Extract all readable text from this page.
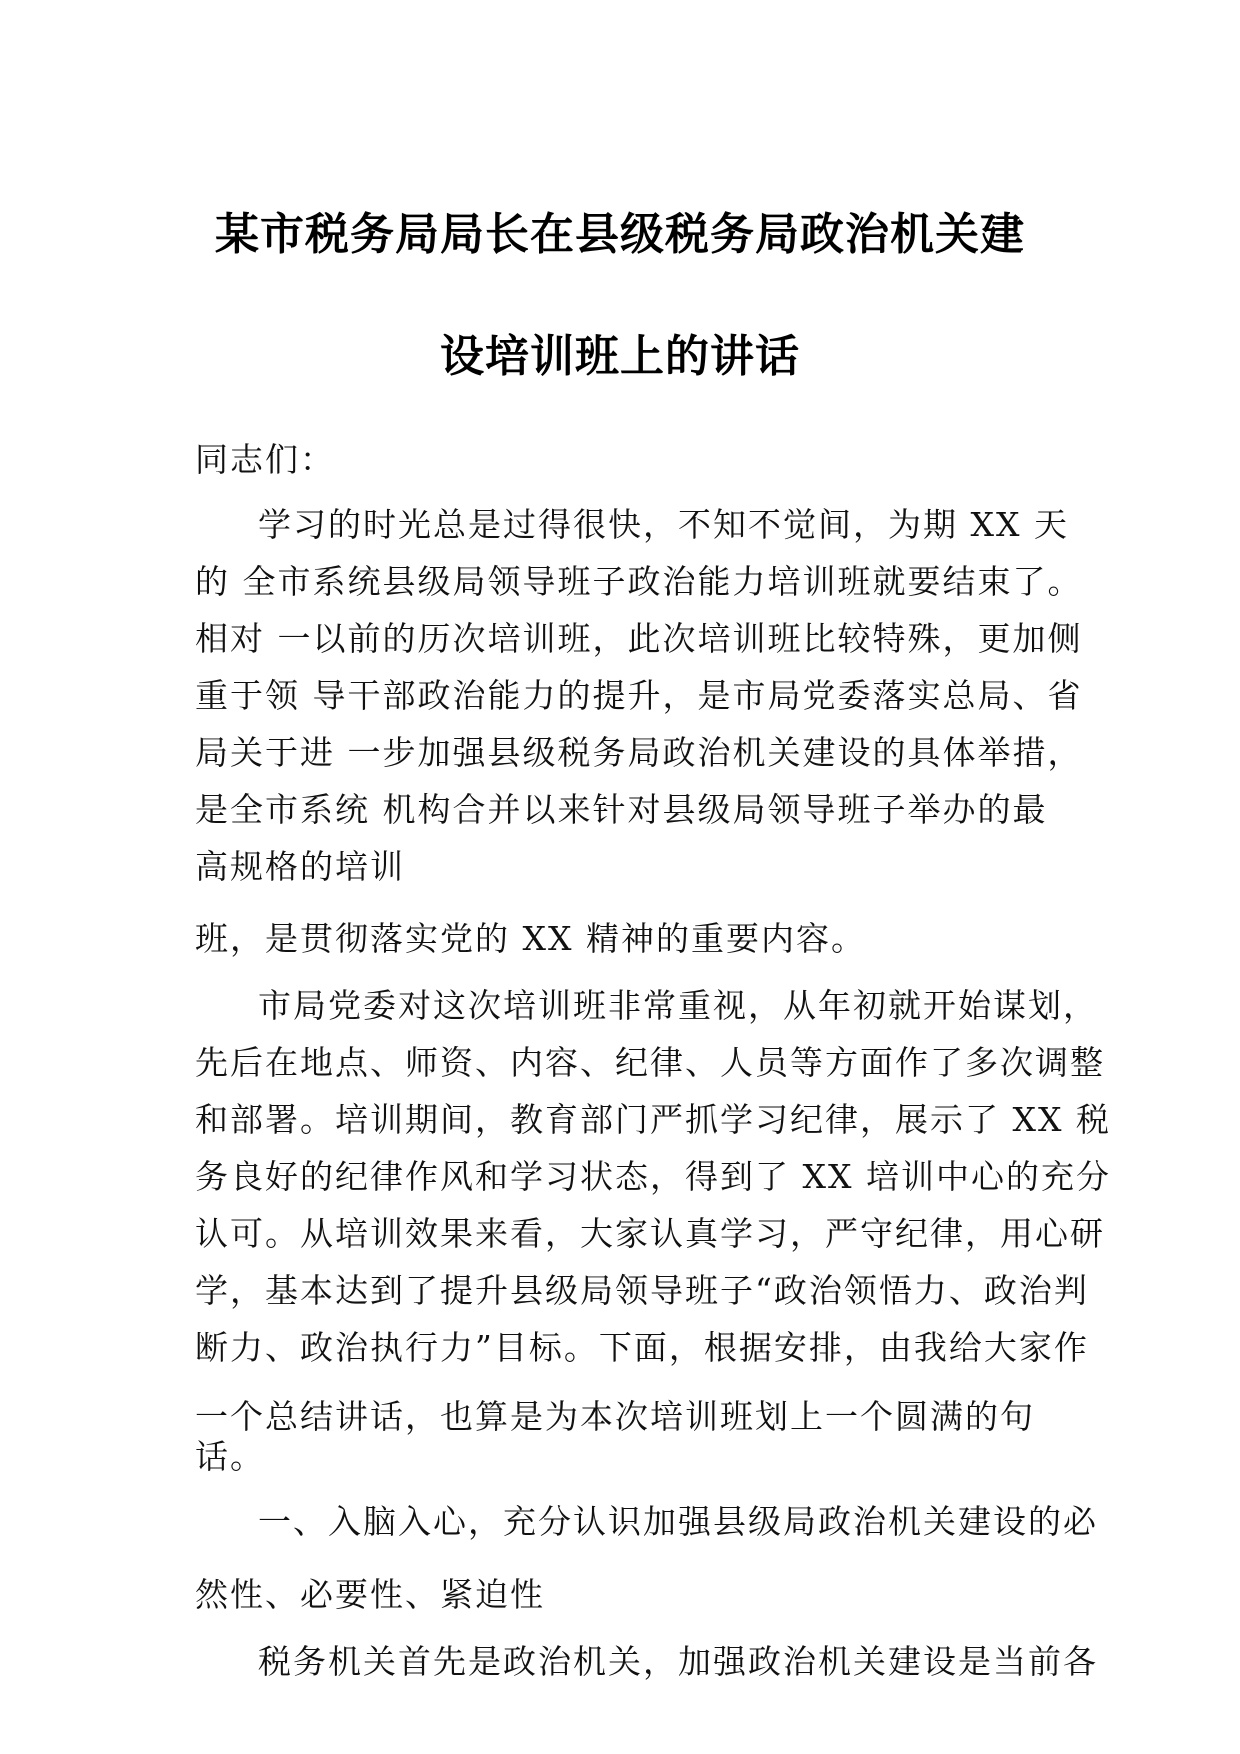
某市税务局局长在县级税务局政治机关建
设培训班上的讲话
同志们：
学习的时光总是过得很快，不知不觉间，为期 XX 天
的 全市系统县级局领导班子政治能力培训班就要结束了。
相对 一以前的历次培训班，此次培训班比较特殊，更加侧
重于领 导干部政治能力的提升，是市局党委落实总局、省
局关于进 一步加强县级税务局政治机关建设的具体举措，
是全市系统 机构合并以来针对县级局领导班子举办的最
高规格的培训
班，是贯彻落实党的 XX 精神的重要内容。
市局党委对这次培训班非常重视，从年初就开始谋划，
先后在地点、师资、内容、纪律、人员等方面作了多次调整
和部署。培训期间，教育部门严抓学习纪律，展示了 XX 税
务良好的纪律作风和学习状态，得到了 XX 培训中心的充分
认可。从培训效果来看，大家认真学习，严守纪律，用心研
学，基本达到了提升县级局领导班子“政治领悟力、政治判
断力、政治执行力”目标。下面，根据安排，由我给大家作
一个总结讲话，也算是为本次培训班划上一个圆满的句
话。
一、入脑入心，充分认识加强县级局政治机关建设的必
然性、必要性、紧迫性
税务机关首先是政治机关，加强政治机关建设是当前各
